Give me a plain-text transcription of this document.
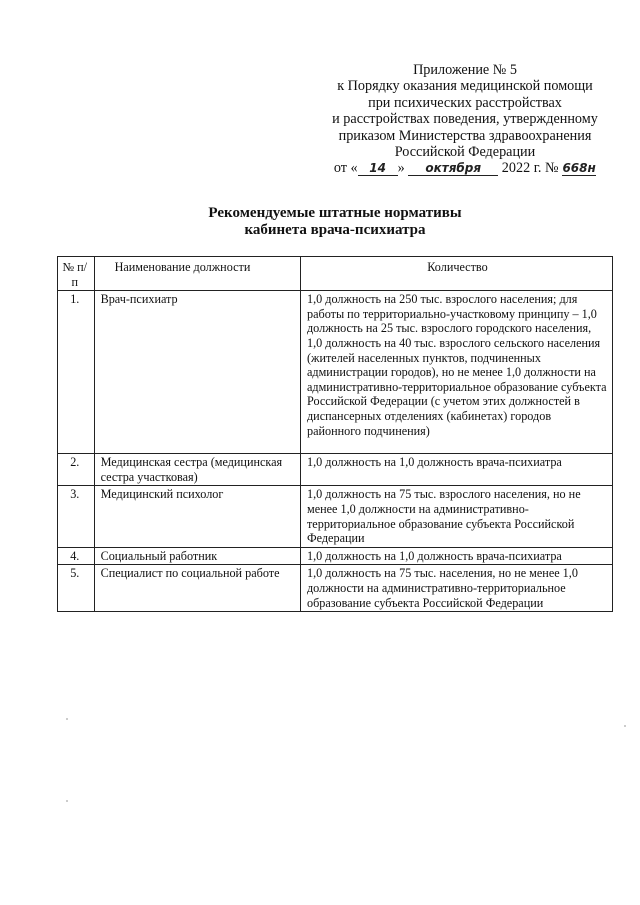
Приложение № 5
к Порядку оказания медицинской помощи
при психических расстройствах
и расстройствах поведения, утвержденному
приказом Министерства здравоохранения
Российской Федерации
от « 14 » октября 2022 г. № 668н
Рекомендуемые штатные нормативы
кабинета врача-психиатра
№ п/п	Наименование должности	Количество
1.	Врач-психиатр	1,0 должность на 250 тыс. взрослого населения; для работы по территориально-участковому принципу – 1,0 должность на 25 тыс. взрослого городского населения, 1,0 должность на 40 тыс. взрослого сельского населения (жителей населенных пунктов, подчиненных администрации городов), но не менее 1,0 должности на административно-территориальное образование субъекта Российской Федерации (с учетом этих должностей в диспансерных отделениях (кабинетах) городов районного подчинения)
2.	Медицинская сестра (медицинская сестра участковая)	1,0 должность на 1,0 должность врача-психиатра
3.	Медицинский психолог	1,0 должность на 75 тыс. взрослого населения, но не менее 1,0 должности на административно-территориальное образование субъекта Российской Федерации
4.	Социальный работник	1,0 должность на 1,0 должность врача-психиатра
5.	Специалист по социальной работе	1,0 должность на 75 тыс. населения, но не менее 1,0 должности на административно-территориальное образование субъекта Российской Федерации
